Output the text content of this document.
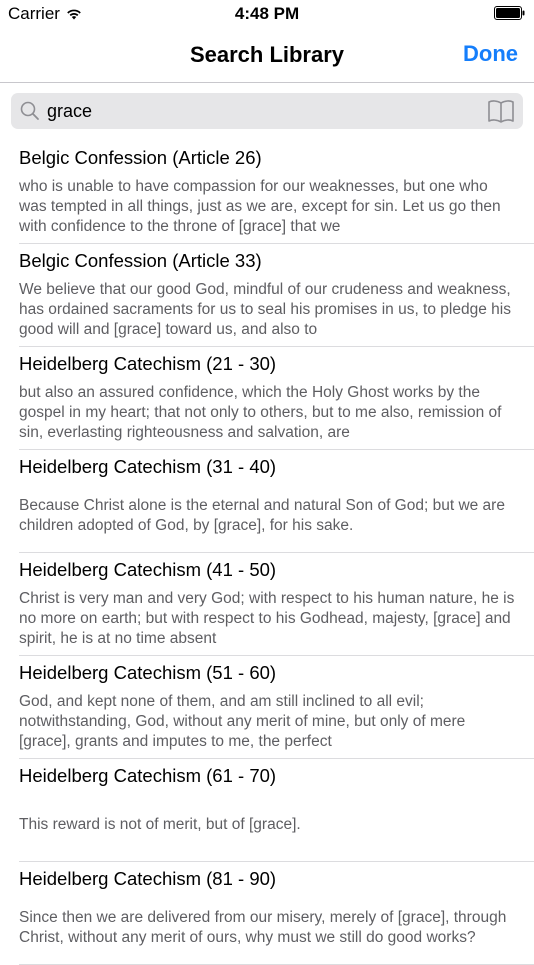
Carrier	4:48 PM
Search Library	Done
grace
Belgic Confession (Article 26)
who is unable to have compassion for our weaknesses, but one who was tempted in all things, just as we are, except for sin. Let us go then with confidence to the throne of [grace] that we
Belgic Confession (Article 33)
We believe that our good God, mindful of our crudeness and weakness, has ordained sacraments for us to seal his promises in us, to pledge his good will and [grace] toward us, and also to
Heidelberg Catechism (21 - 30)
but also an assured confidence, which the Holy Ghost works by the gospel in my heart; that not only to others, but to me also, remission of sin, everlasting righteousness and salvation, are
Heidelberg Catechism (31 - 40)
Because Christ alone is the eternal and natural Son of God; but we are children adopted of God, by [grace], for his sake.
Heidelberg Catechism (41 - 50)
Christ is very man and very God; with respect to his human nature, he is no more on earth; but with respect to his Godhead, majesty, [grace] and spirit, he is at no time absent
Heidelberg Catechism (51 - 60)
God, and kept none of them, and am still inclined to all evil; notwithstanding, God, without any merit of mine, but only of mere [grace], grants and imputes to me, the perfect
Heidelberg Catechism (61 - 70)
This reward is not of merit, but of [grace].
Heidelberg Catechism (81 - 90)
Since then we are delivered from our misery, merely of [grace], through Christ, without any merit of ours, why must we still do good works?
